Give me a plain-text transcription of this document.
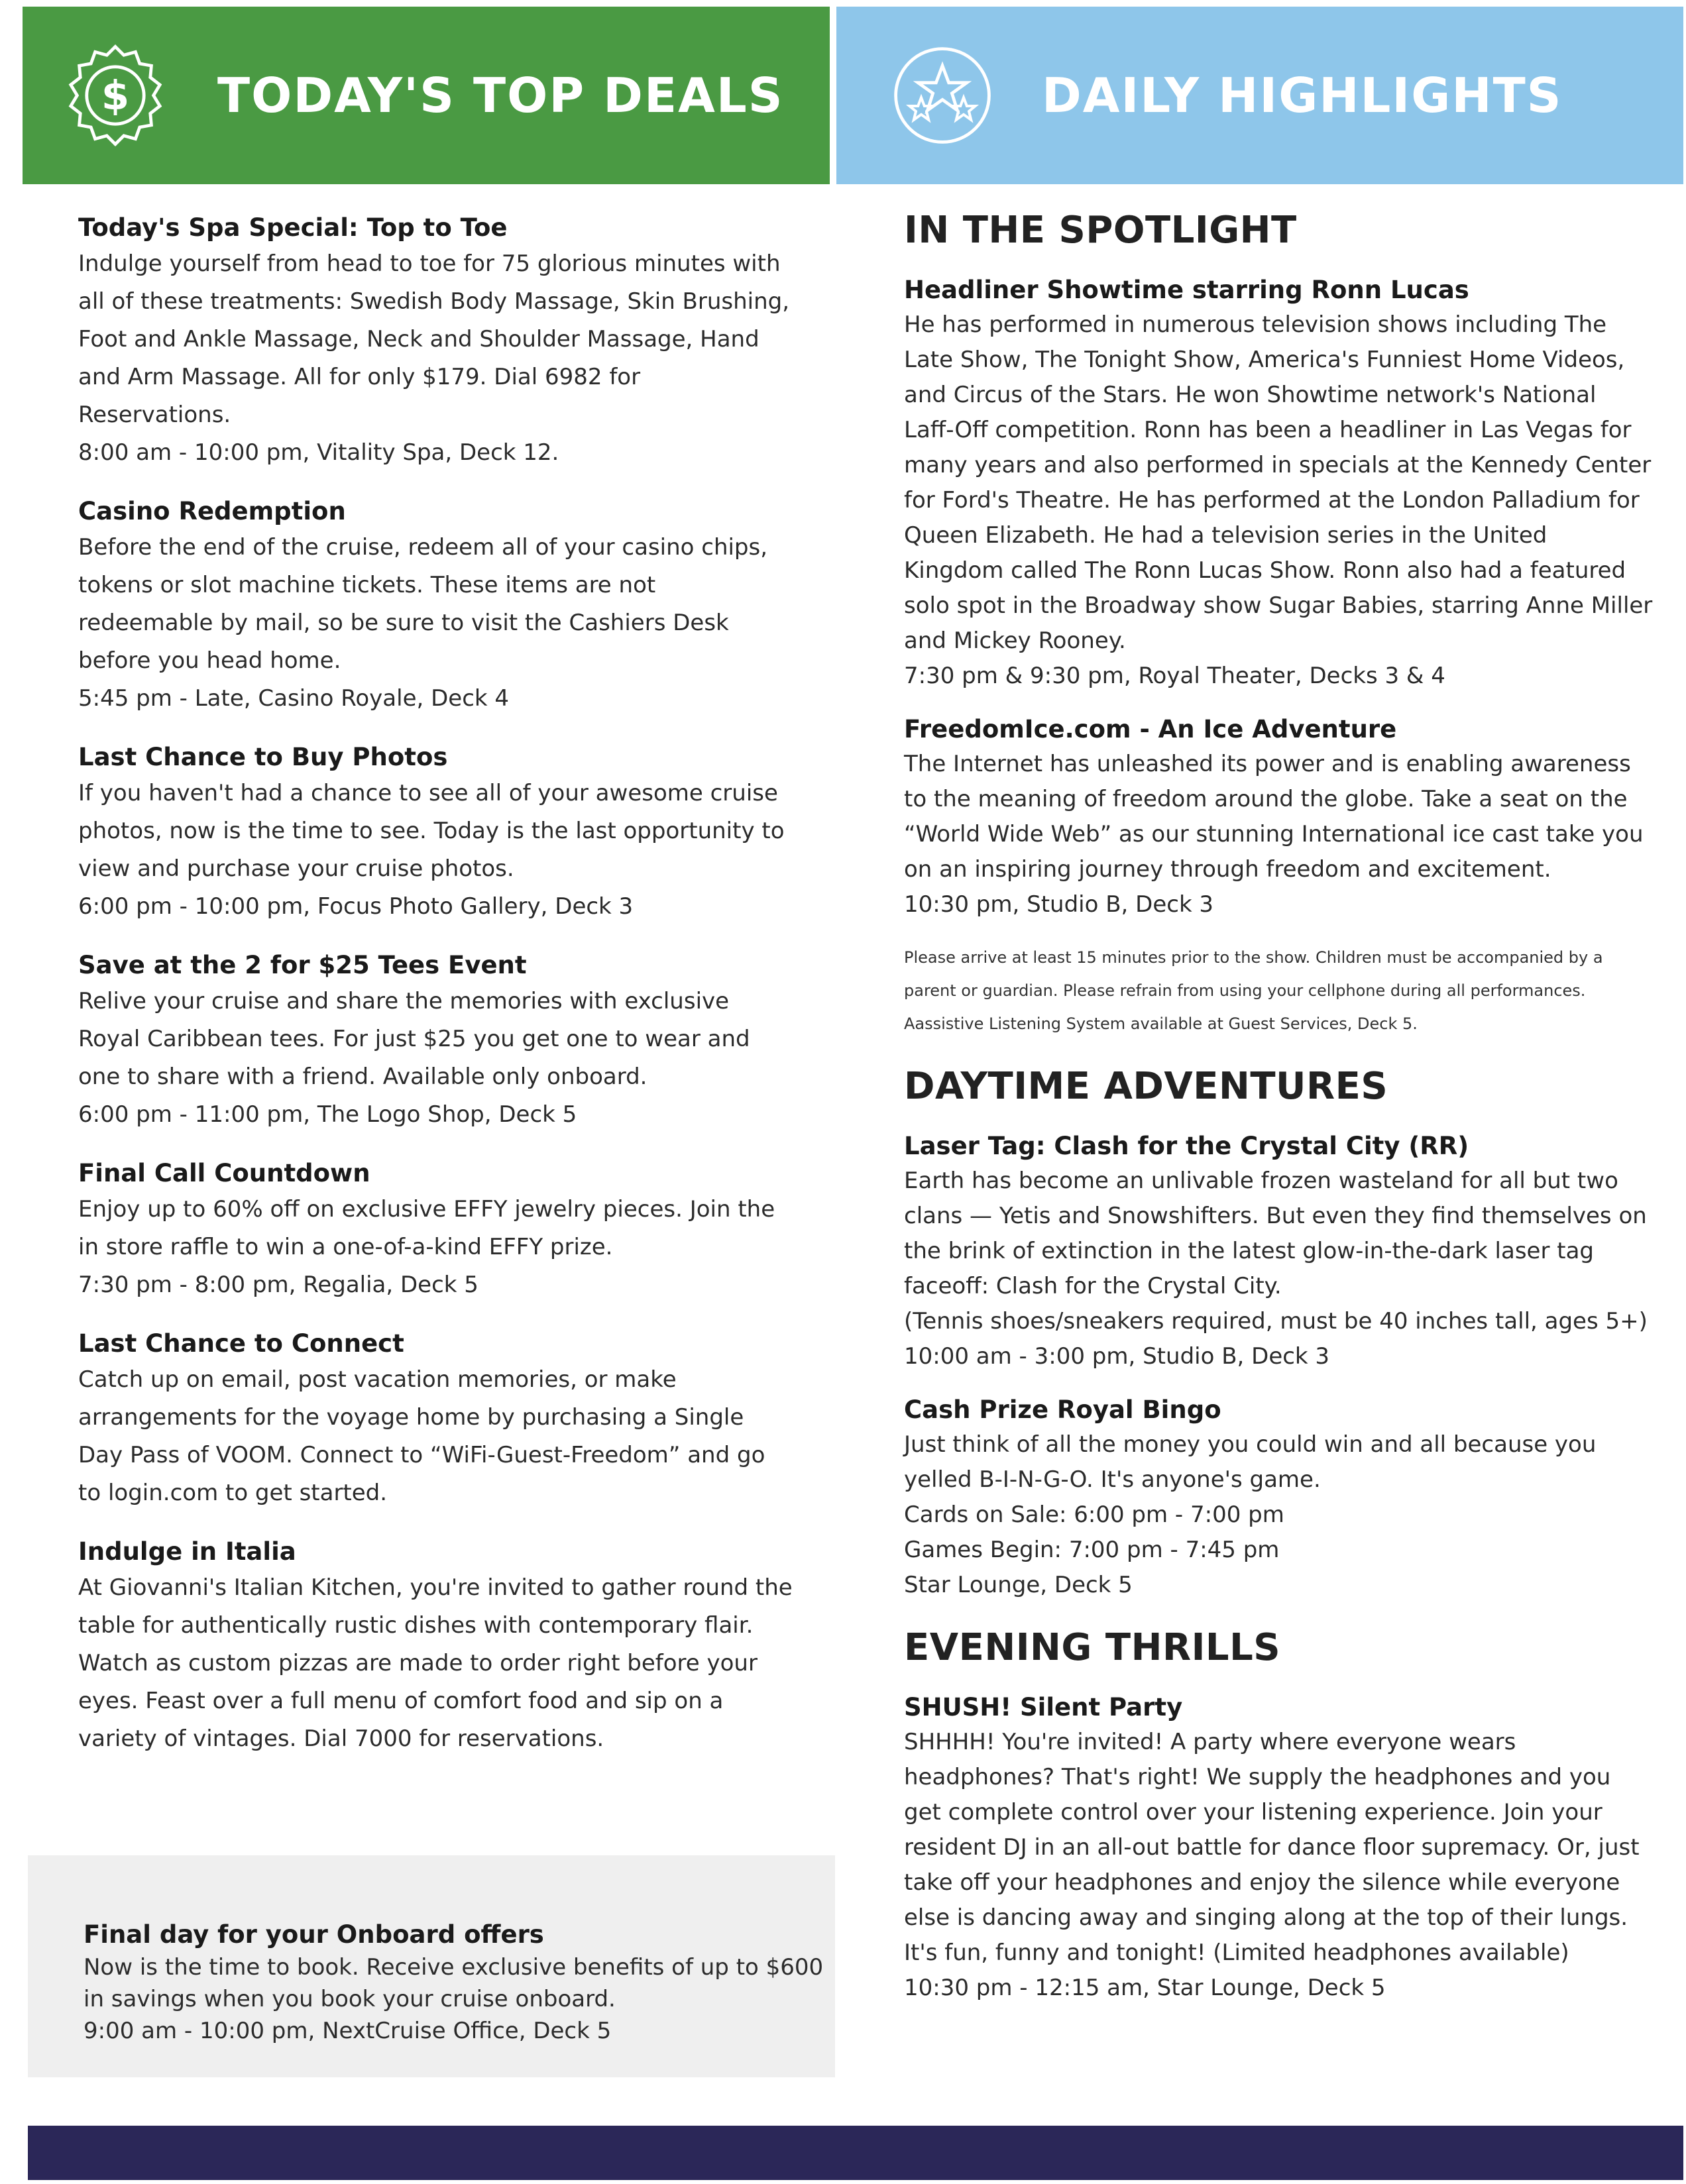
$ TODAY'S TOP DEALS	DAILY HIGHLIGHTS
Today's Spa Special: Top to Toe
Indulge yourself from head to toe for 75 glorious minutes with all of these treatments: Swedish Body Massage, Skin Brushing, Foot and Ankle Massage, Neck and Shoulder Massage, Hand and Arm Massage. All for only $179. Dial 6982 for Reservations.
8:00 am - 10:00 pm, Vitality Spa, Deck 12.
Casino Redemption
Before the end of the cruise, redeem all of your casino chips, tokens or slot machine tickets. These items are not redeemable by mail, so be sure to visit the Cashiers Desk before you head home.
5:45 pm - Late, Casino Royale, Deck 4
Last Chance to Buy Photos
If you haven't had a chance to see all of your awesome cruise photos, now is the time to see. Today is the last opportunity to view and purchase your cruise photos.
6:00 pm - 10:00 pm, Focus Photo Gallery, Deck 3
Save at the 2 for $25 Tees Event
Relive your cruise and share the memories with exclusive Royal Caribbean tees. For just $25 you get one to wear and one to share with a friend. Available only onboard.
6:00 pm - 11:00 pm, The Logo Shop, Deck 5
Final Call Countdown
Enjoy up to 60% off on exclusive EFFY jewelry pieces. Join the in store raffle to win a one-of-a-kind EFFY prize.
7:30 pm - 8:00 pm, Regalia, Deck 5
Last Chance to Connect
Catch up on email, post vacation memories, or make arrangements for the voyage home by purchasing a Single Day Pass of VOOM. Connect to “WiFi-Guest-Freedom” and go to login.com to get started.
Indulge in Italia
At Giovanni's Italian Kitchen, you're invited to gather round the table for authentically rustic dishes with contemporary flair. Watch as custom pizzas are made to order right before your eyes. Feast over a full menu of comfort food and sip on a variety of vintages. Dial 7000 for reservations.
Final day for your Onboard offers
Now is the time to book. Receive exclusive benefits of up to $600 in savings when you book your cruise onboard.
9:00 am - 10:00 pm, NextCruise Office, Deck 5
IN THE SPOTLIGHT
Headliner Showtime starring Ronn Lucas
He has performed in numerous television shows including The Late Show, The Tonight Show, America's Funniest Home Videos, and Circus of the Stars. He won Showtime network's National Laff-Off competition. Ronn has been a headliner in Las Vegas for many years and also performed in specials at the Kennedy Center for Ford's Theatre. He has performed at the London Palladium for Queen Elizabeth. He had a television series in the United Kingdom called The Ronn Lucas Show. Ronn also had a featured solo spot in the Broadway show Sugar Babies, starring Anne Miller and Mickey Rooney.
7:30 pm & 9:30 pm, Royal Theater, Decks 3 & 4
FreedomIce.com - An Ice Adventure
The Internet has unleashed its power and is enabling awareness to the meaning of freedom around the globe. Take a seat on the “World Wide Web” as our stunning International ice cast take you on an inspiring journey through freedom and excitement.
10:30 pm, Studio B, Deck 3
Please arrive at least 15 minutes prior to the show. Children must be accompanied by a parent or guardian. Please refrain from using your cellphone during all performances. Aassistive Listening System available at Guest Services, Deck 5.
DAYTIME ADVENTURES
Laser Tag: Clash for the Crystal City (RR)
Earth has become an unlivable frozen wasteland for all but two clans — Yetis and Snowshifters. But even they find themselves on the brink of extinction in the latest glow-in-the-dark laser tag faceoff: Clash for the Crystal City.
(Tennis shoes/sneakers required, must be 40 inches tall, ages 5+)
10:00 am - 3:00 pm, Studio B, Deck 3
Cash Prize Royal Bingo
Just think of all the money you could win and all because you yelled B-I-N-G-O. It's anyone's game.
Cards on Sale: 6:00 pm - 7:00 pm
Games Begin: 7:00 pm - 7:45 pm
Star Lounge, Deck 5
EVENING THRILLS
SHUSH! Silent Party
SHHHH! You're invited! A party where everyone wears headphones? That's right! We supply the headphones and you get complete control over your listening experience. Join your resident DJ in an all-out battle for dance floor supremacy. Or, just take off your headphones and enjoy the silence while everyone else is dancing away and singing along at the top of their lungs. It's fun, funny and tonight! (Limited headphones available)
10:30 pm - 12:15 am, Star Lounge, Deck 5
